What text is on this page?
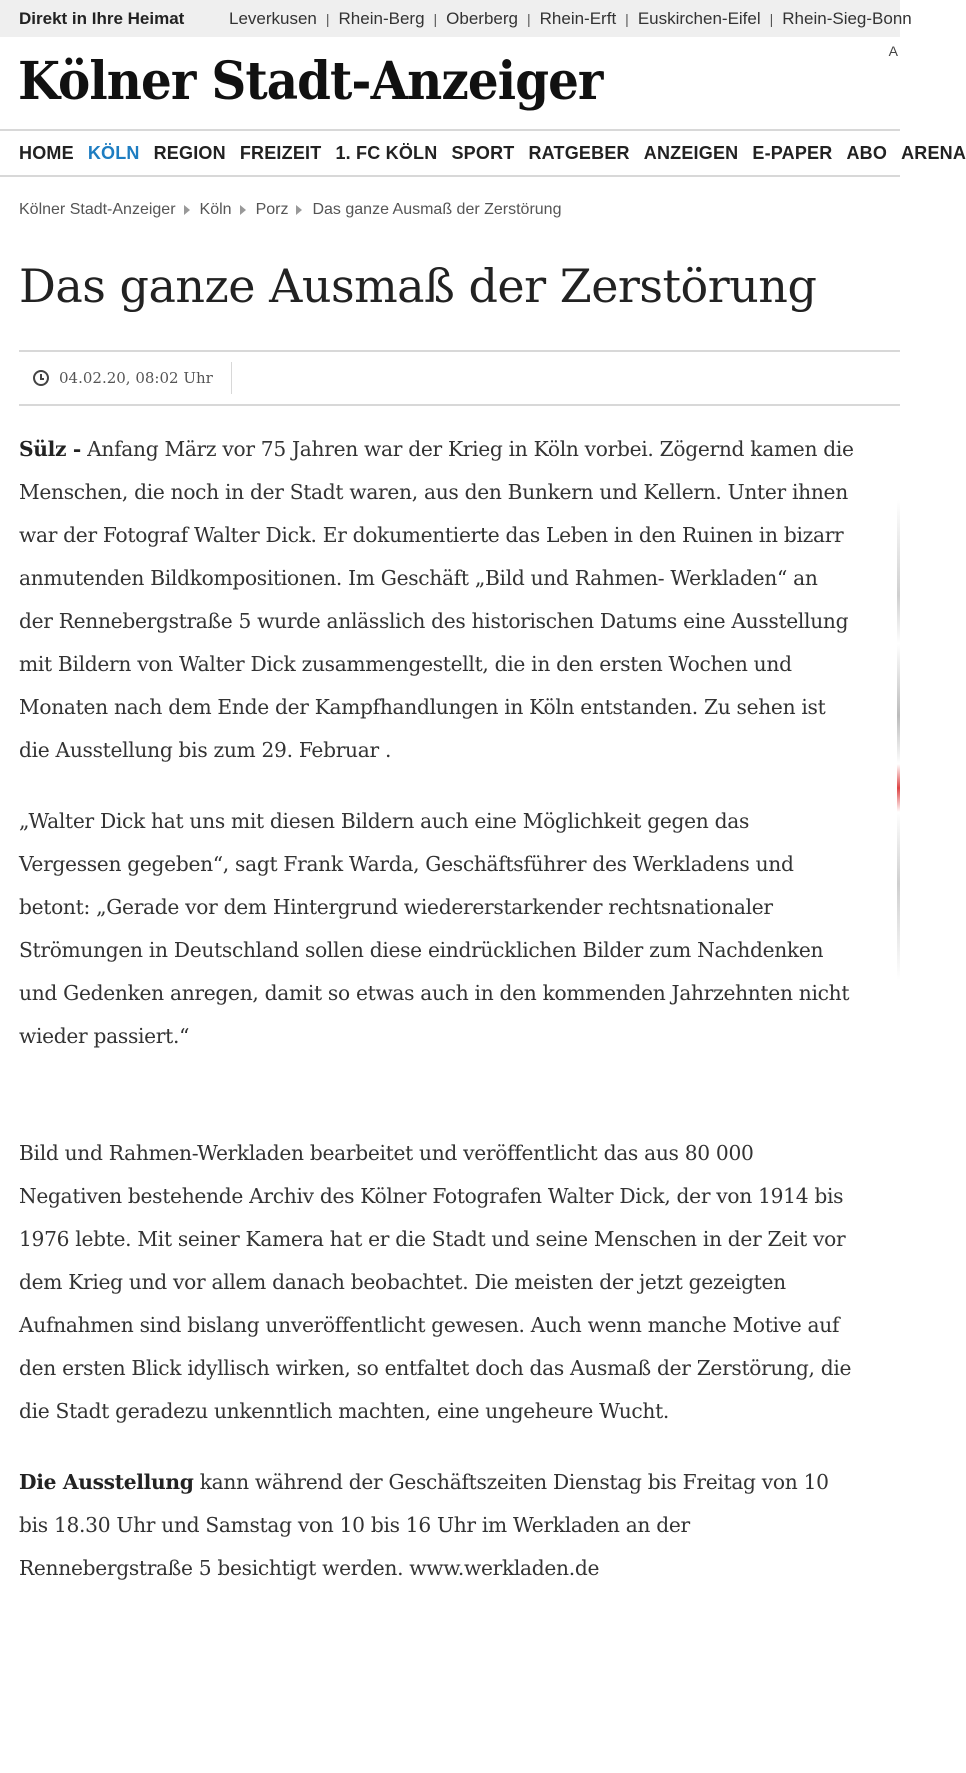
Direkt in Ihre Heimat	Leverkusen | Rhein-Berg | Oberberg | Rhein-Erft | Euskirchen-Eifel | Rhein-Sieg-Bonn
Kölner Stadt-Anzeiger	A
HOME KÖLN REGION FREIZEIT 1. FC KÖLN SPORT RATGEBER ANZEIGEN E-PAPER ABO ARENA
Kölner Stadt-Anzeiger Köln Porz Das ganze Ausmaß der Zerstörung
Das ganze Ausmaß der Zerstörung
04.02.20, 08:02 Uhr

Sülz - Anfang März vor 75 Jahren war der Krieg in Köln vorbei. Zögernd kamen die Menschen, die noch in der Stadt waren, aus den Bunkern und Kellern. Unter ihnen war der Fotograf Walter Dick. Er dokumentierte das Leben in den Ruinen in bizarr anmutenden Bildkompositionen. Im Geschäft „Bild und Rahmen- Werkladen“ an der Rennebergstraße 5 wurde anlässlich des historischen Datums eine Ausstellung mit Bildern von Walter Dick zusammengestellt, die in den ersten Wochen und Monaten nach dem Ende der Kampfhandlungen in Köln entstanden. Zu sehen ist die Ausstellung bis zum 29. Februar .

„Walter Dick hat uns mit diesen Bildern auch eine Möglichkeit gegen das Vergessen gegeben“, sagt Frank Warda, Geschäftsführer des Werkladens und betont: „Gerade vor dem Hintergrund wiedererstarkender rechtsnationaler Strömungen in Deutschland sollen diese eindrücklichen Bilder zum Nachdenken und Gedenken anregen, damit so etwas auch in den kommenden Jahrzehnten nicht wieder passiert.“

Bild und Rahmen-Werkladen bearbeitet und veröffentlicht das aus 80 000 Negativen bestehende Archiv des Kölner Fotografen Walter Dick, der von 1914 bis 1976 lebte. Mit seiner Kamera hat er die Stadt und seine Menschen in der Zeit vor dem Krieg und vor allem danach beobachtet. Die meisten der jetzt gezeigten Aufnahmen sind bislang unveröffentlicht gewesen. Auch wenn manche Motive auf den ersten Blick idyllisch wirken, so entfaltet doch das Ausmaß der Zerstörung, die die Stadt geradezu unkenntlich machten, eine ungeheure Wucht.

Die Ausstellung kann während der Geschäftszeiten Dienstag bis Freitag von 10 bis 18.30 Uhr und Samstag von 10 bis 16 Uhr im Werkladen an der Rennebergstraße 5 besichtigt werden. www.werkladen.de
